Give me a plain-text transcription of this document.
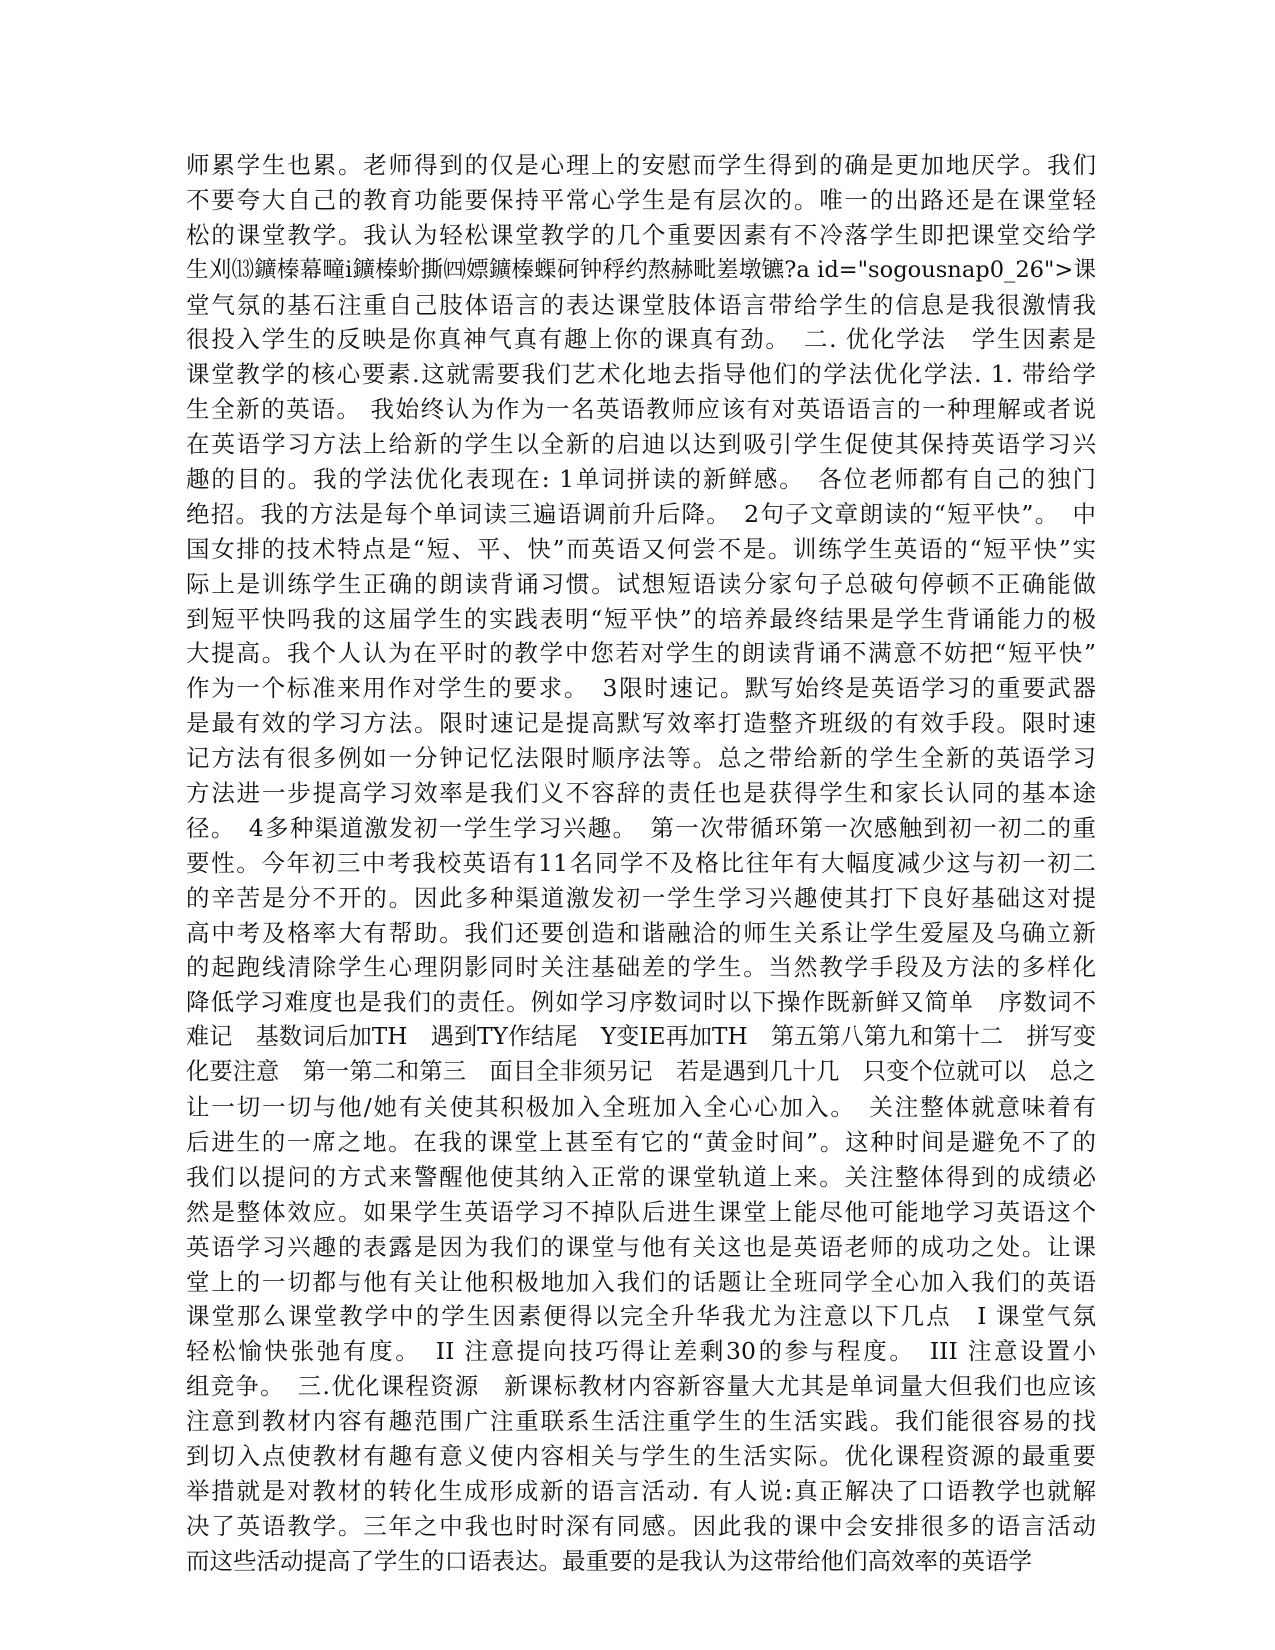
师累学生也累。老师得到的仅是心理上的安慰而学生得到的确是更加地厌学。我们
不要夸大自己的教育功能要保持平常心学生是有层次的。唯一的出路还是在课堂轻
松的课堂教学。我认为轻松课堂教学的几个重要因素有不冷落学生即把课堂交给学
生刈⒀鑛榛幕疃ⅰ鑛榛蚧撕㈣嫖鑛榛蟝砢钟稃约熬赫毗嵳墩镳?a id="sogousnap0_26">课
堂气氛的基石注重自己肢体语言的表达课堂肢体语言带给学生的信息是我很激情我
很投入学生的反映是你真神气真有趣上你的课真有劲。　二. 优化学法　学生因素是
课堂教学的核心要素.这就需要我们艺术化地去指导他们的学法优化学法. 1. 带给学
生全新的英语。 我始终认为作为一名英语教师应该有对英语语言的一种理解或者说
在英语学习方法上给新的学生以全新的启迪以达到吸引学生促使其保持英语学习兴
趣的目的。我的学法优化表现在: 1单词拼读的新鲜感。　各位老师都有自己的独门
绝招。我的方法是每个单词读三遍语调前升后降。　2句子文章朗读的“短平快”。　中
国女排的技术特点是“短、平、快”而英语又何尝不是。训练学生英语的“短平快”实
际上是训练学生正确的朗读背诵习惯。试想短语读分家句子总破句停顿不正确能做
到短平快吗我的这届学生的实践表明“短平快”的培养最终结果是学生背诵能力的极
大提高。我个人认为在平时的教学中您若对学生的朗读背诵不满意不妨把“短平快”
作为一个标准来用作对学生的要求。　3限时速记。默写始终是英语学习的重要武器
是最有效的学习方法。限时速记是提高默写效率打造整齐班级的有效手段。限时速
记方法有很多例如一分钟记忆法限时顺序法等。总之带给新的学生全新的英语学习
方法进一步提高学习效率是我们义不容辞的责任也是获得学生和家长认同的基本途
径。　4多种渠道激发初一学生学习兴趣。　第一次带循环第一次感触到初一初二的重
要性。今年初三中考我校英语有11名同学不及格比往年有大幅度减少这与初一初二
的辛苦是分不开的。因此多种渠道激发初一学生学习兴趣使其打下良好基础这对提
高中考及格率大有帮助。我们还要创造和谐融洽的师生关系让学生爱屋及乌确立新
的起跑线清除学生心理阴影同时关注基础差的学生。当然教学手段及方法的多样化
降低学习难度也是我们的责任。例如学习序数词时以下操作既新鲜又简单　序数词不
难记　基数词后加TH　遇到TY作结尾　Y变IE再加TH　第五第八第九和第十二　拼写变
化要注意　第一第二和第三　面目全非须另记　若是遇到几十几　只变个位就可以　总之
让一切一切与他/她有关使其积极加入全班加入全心心加入。　关注整体就意味着有
后进生的一席之地。在我的课堂上甚至有它的“黄金时间”。这种时间是避免不了的
我们以提问的方式来警醒他使其纳入正常的课堂轨道上来。关注整体得到的成绩必
然是整体效应。如果学生英语学习不掉队后进生课堂上能尽他可能地学习英语这个
英语学习兴趣的表露是因为我们的课堂与他有关这也是英语老师的成功之处。让课
堂上的一切都与他有关让他积极地加入我们的话题让全班同学全心加入我们的英语
课堂那么课堂教学中的学生因素便得以完全升华我尤为注意以下几点　I 课堂气氛
轻松愉快张弛有度。　II 注意提向技巧得让差剩30的参与程度。　III 注意设置小
组竞争。　三.优化课程资源　新课标教材内容新容量大尤其是单词量大但我们也应该
注意到教材内容有趣范围广注重联系生活注重学生的生活实践。我们能很容易的找
到切入点使教材有趣有意义使内容相关与学生的生活实际。优化课程资源的最重要
举措就是对教材的转化生成形成新的语言活动. 有人说:真正解决了口语教学也就解
决了英语教学。三年之中我也时时深有同感。因此我的课中会安排很多的语言活动
而这些活动提高了学生的口语表达。最重要的是我认为这带给他们高效率的英语学
